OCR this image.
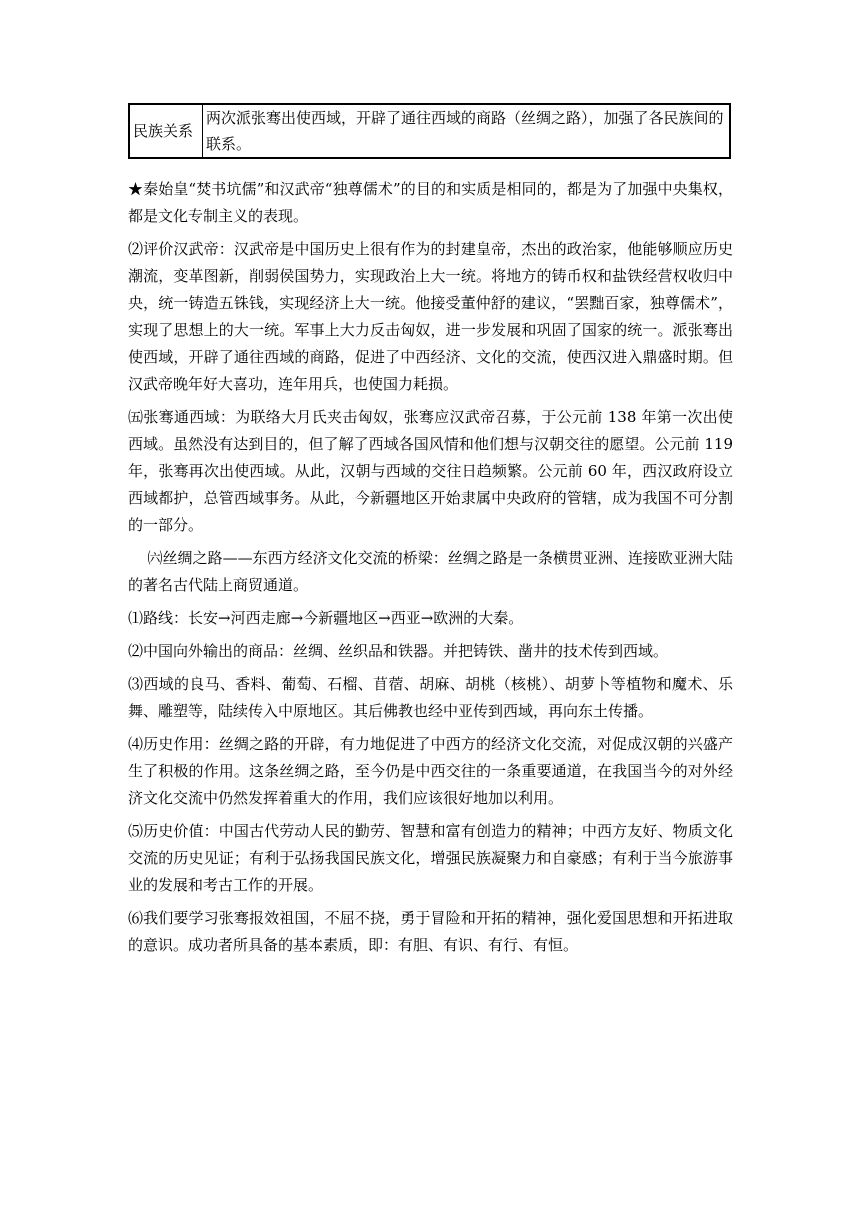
民族关系	两次派张骞出使西域，开辟了通往西域的商路（丝绸之路），加强了各民族间的联系。

★秦始皇“焚书坑儒”和汉武帝“独尊儒术”的目的和实质是相同的，都是为了加强中央集权，都是文化专制主义的表现。

⑵评价汉武帝：汉武帝是中国历史上很有作为的封建皇帝，杰出的政治家，他能够顺应历史潮流，变革图新，削弱侯国势力，实现政治上大一统。将地方的铸币权和盐铁经营权收归中央，统一铸造五铢钱，实现经济上大一统。他接受董仲舒的建议，“罢黜百家，独尊儒术”，实现了思想上的大一统。军事上大力反击匈奴，进一步发展和巩固了国家的统一。派张骞出使西域，开辟了通往西域的商路，促进了中西经济、文化的交流，使西汉进入鼎盛时期。但汉武帝晚年好大喜功，连年用兵，也使国力耗损。

㈤张骞通西域：为联络大月氏夹击匈奴，张骞应汉武帝召募，于公元前 138 年第一次出使西域。虽然没有达到目的，但了解了西域各国风情和他们想与汉朝交往的愿望。公元前 119年，张骞再次出使西域。从此，汉朝与西域的交往日趋频繁。公元前 60 年，西汉政府设立西域都护，总管西域事务。从此，今新疆地区开始隶属中央政府的管辖，成为我国不可分割的一部分。

㈥丝绸之路——东西方经济文化交流的桥梁：丝绸之路是一条横贯亚洲、连接欧亚洲大陆的著名古代陆上商贸通道。

⑴路线：长安→河西走廊→今新疆地区→西亚→欧洲的大秦。

⑵中国向外输出的商品：丝绸、丝织品和铁器。并把铸铁、凿井的技术传到西域。

⑶西域的良马、香料、葡萄、石榴、苜蓿、胡麻、胡桃（核桃）、胡萝卜等植物和魔术、乐舞、雕塑等，陆续传入中原地区。其后佛教也经中亚传到西域，再向东土传播。

⑷历史作用：丝绸之路的开辟，有力地促进了中西方的经济文化交流，对促成汉朝的兴盛产生了积极的作用。这条丝绸之路，至今仍是中西交往的一条重要通道，在我国当今的对外经济文化交流中仍然发挥着重大的作用，我们应该很好地加以利用。

⑸历史价值：中国古代劳动人民的勤劳、智慧和富有创造力的精神；中西方友好、物质文化交流的历史见证；有利于弘扬我国民族文化，增强民族凝聚力和自豪感；有利于当今旅游事业的发展和考古工作的开展。

⑹我们要学习张骞报效祖国，不屈不挠，勇于冒险和开拓的精神，强化爱国思想和开拓进取的意识。成功者所具备的基本素质，即：有胆、有识、有行、有恒。
